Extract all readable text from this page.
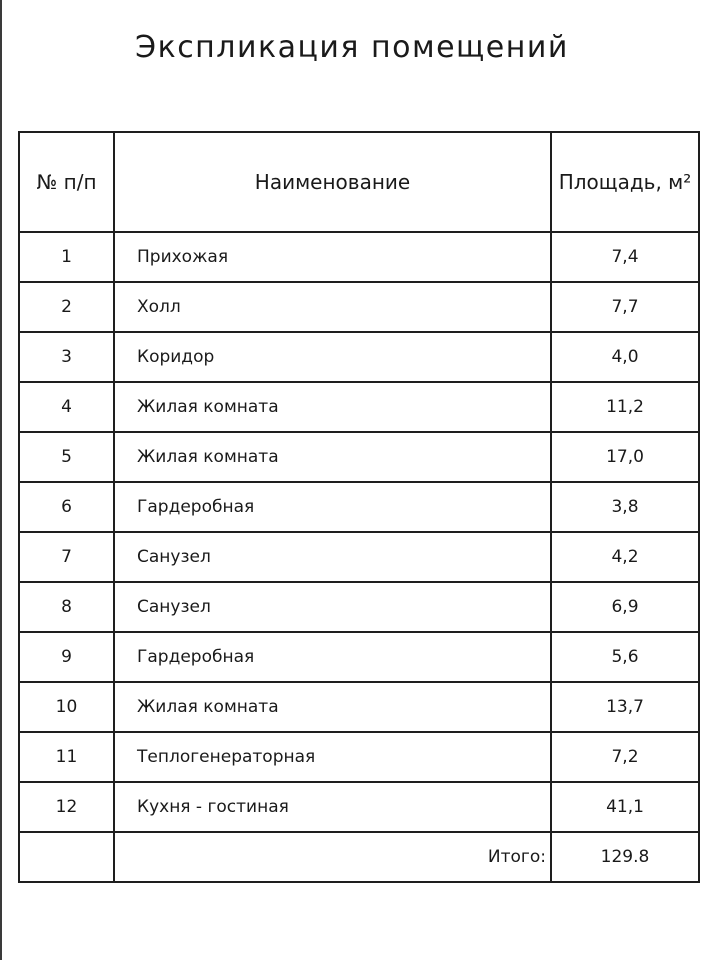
Экспликация помещений
№ п/п	Наименование	Площадь, м²
1	Прихожая	7,4
2	Холл	7,7
3	Коридор	4,0
4	Жилая комната	11,2
5	Жилая комната	17,0
6	Гардеробная	3,8
7	Санузел	4,2
8	Санузел	6,9
9	Гардеробная	5,6
10	Жилая комната	13,7
11	Теплогенераторная	7,2
12	Кухня - гостиная	41,1
	Итого:	129.8
